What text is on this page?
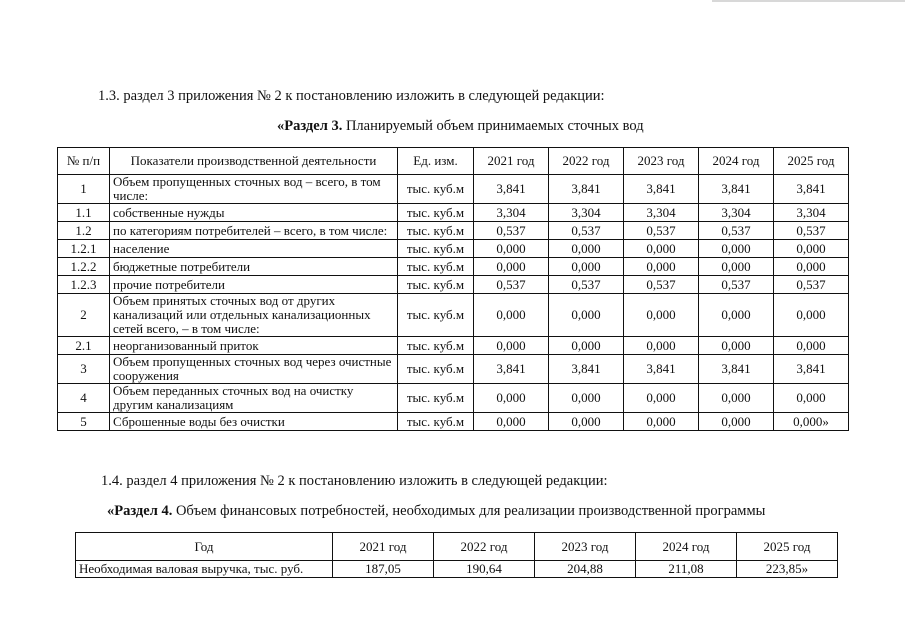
1.3. раздел 3 приложения № 2 к постановлению изложить в следующей редакции:
«Раздел 3. Планируемый объем принимаемых сточных вод
№ п/п	Показатели производственной деятельности	Ед. изм.	2021 год	2022 год	2023 год	2024 год	2025 год
1	Объем пропущенных сточных вод – всего, в том числе:	тыс. куб.м	3,841	3,841	3,841	3,841	3,841
1.1	собственные нужды	тыс. куб.м	3,304	3,304	3,304	3,304	3,304
1.2	по категориям потребителей – всего, в том числе:	тыс. куб.м	0,537	0,537	0,537	0,537	0,537
1.2.1	население	тыс. куб.м	0,000	0,000	0,000	0,000	0,000
1.2.2	бюджетные потребители	тыс. куб.м	0,000	0,000	0,000	0,000	0,000
1.2.3	прочие потребители	тыс. куб.м	0,537	0,537	0,537	0,537	0,537
2	Объем принятых сточных вод от других канализаций или отдельных канализационных сетей всего, – в том числе:	тыс. куб.м	0,000	0,000	0,000	0,000	0,000
2.1	неорганизованный приток	тыс. куб.м	0,000	0,000	0,000	0,000	0,000
3	Объем пропущенных сточных вод через очистные сооружения	тыс. куб.м	3,841	3,841	3,841	3,841	3,841
4	Объем переданных сточных вод на очистку другим канализациям	тыс. куб.м	0,000	0,000	0,000	0,000	0,000
5	Сброшенные воды без очистки	тыс. куб.м	0,000	0,000	0,000	0,000	0,000»
1.4. раздел 4 приложения № 2 к постановлению изложить в следующей редакции:
«Раздел 4. Объем финансовых потребностей, необходимых для реализации производственной программы
Год	2021 год	2022 год	2023 год	2024 год	2025 год
Необходимая валовая выручка, тыс. руб.	187,05	190,64	204,88	211,08	223,85»
